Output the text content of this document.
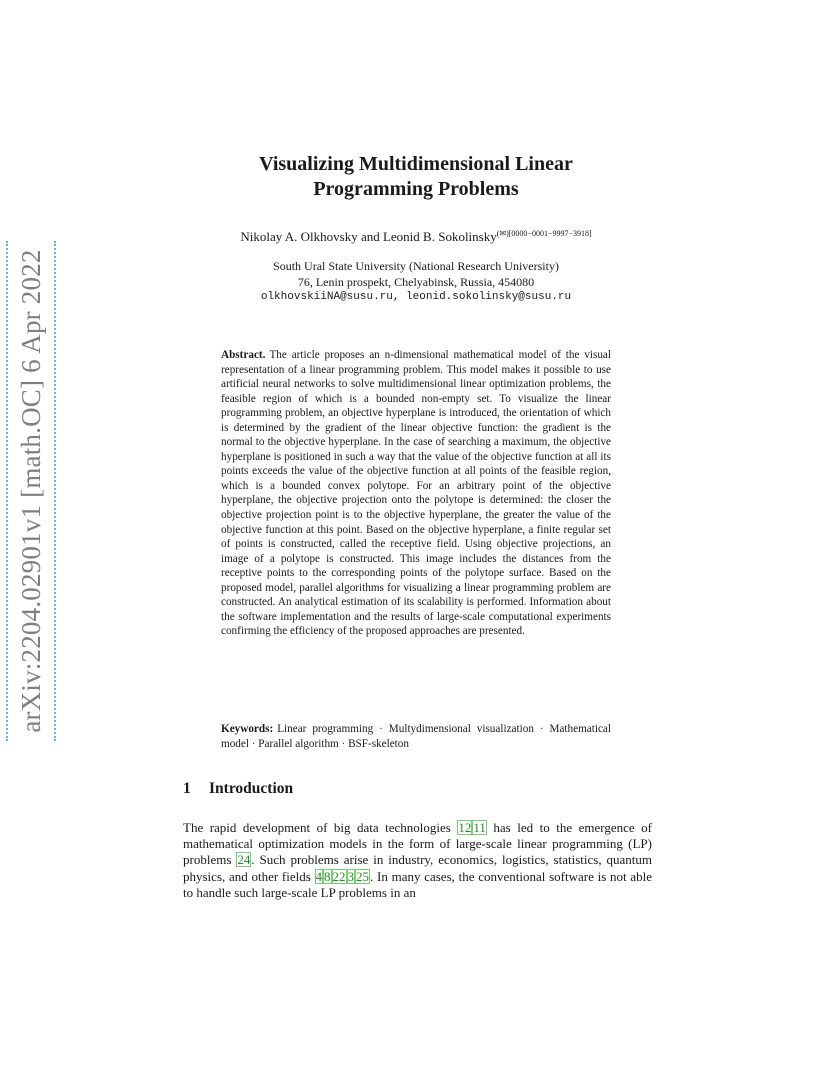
arXiv:2204.02901v1 [math.OC] 6 Apr 2022
Visualizing Multidimensional Linear
Programming Problems
Nikolay A. Olkhovsky and Leonid B. Sokolinsky$^{(✉)[0000-0001-9997-3918]}$
South Ural State University (National Research University)
76, Lenin prospekt, Chelyabinsk, Russia, 454080
olkhovskiiNA@susu.ru, leonid.sokolinsky@susu.ru
Abstract. The article proposes an n-dimensional mathematical model of the visual representation of a linear programming problem. This model makes it possible to use artificial neural networks to solve multidimensional linear optimization problems, the feasible region of which is a bounded non-empty set. To visualize the linear programming problem, an objective hyperplane is introduced, the orientation of which is determined by the gradient of the linear objective function: the gradient is the normal to the objective hyperplane. In the case of searching a maximum, the objective hyperplane is positioned in such a way that the value of the objective function at all its points exceeds the value of the objective function at all points of the feasible region, which is a bounded convex polytope. For an arbitrary point of the objective hyperplane, the objective projection onto the polytope is determined: the closer the objective projection point is to the objective hyperplane, the greater the value of the objective function at this point. Based on the objective hyperplane, a finite regular set of points is constructed, called the receptive field. Using objective projections, an image of a polytope is constructed. This image includes the distances from the receptive points to the corresponding points of the polytope surface. Based on the proposed model, parallel algorithms for visualizing a linear programming problem are constructed. An analytical estimation of its scalability is performed. Information about the software implementation and the results of large-scale computational experiments confirming the efficiency of the proposed approaches are presented.
Keywords: Linear programming · Multydimensional visualization · Mathematical model · Parallel algorithm · BSF-skeleton
1 Introduction
The rapid development of big data technologies 12 11 has led to the emergence of mathematical optimization models in the form of large-scale linear programming (LP) problems 24. Such problems arise in industry, economics, logistics, statistics, quantum physics, and other fields 4 8 22 3 25. In many cases, the conventional software is not able to handle such large-scale LP problems in an
